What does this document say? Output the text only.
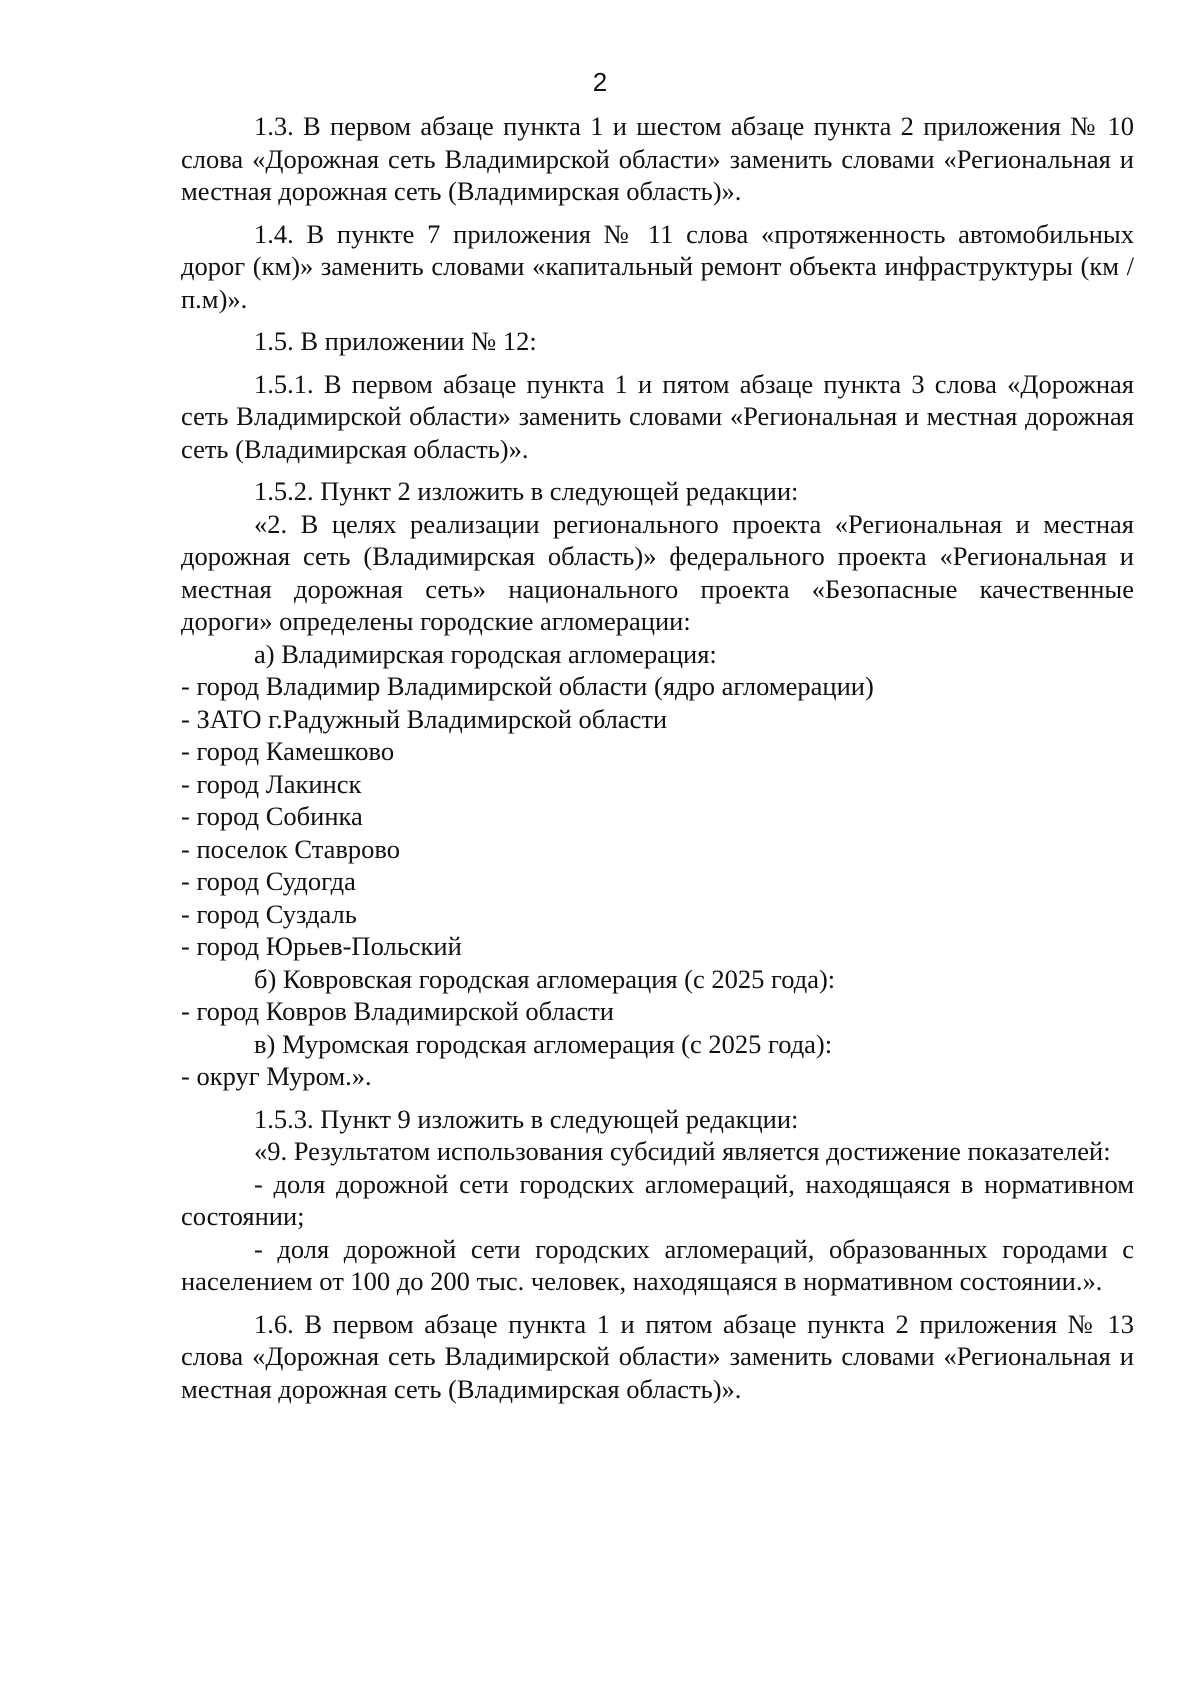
2

1.3. В первом абзаце пункта 1 и шестом абзаце пункта 2 приложения № 10 слова «Дорожная сеть Владимирской области» заменить словами «Региональная и местная дорожная сеть (Владимирская область)».

1.4. В пункте 7 приложения № 11 слова «протяженность автомобильных дорог (км)» заменить словами «капитальный ремонт объекта инфраструктуры (км / п.м)».

1.5. В приложении № 12:

1.5.1. В первом абзаце пункта 1 и пятом абзаце пункта 3 слова «Дорожная сеть Владимирской области» заменить словами «Региональная и местная дорожная сеть (Владимирская область)».

1.5.2. Пункт 2 изложить в следующей редакции:

«2. В целях реализации регионального проекта «Региональная и местная дорожная сеть (Владимирская область)» федерального проекта «Региональная и местная дорожная сеть» национального проекта «Безопасные качественные дороги» определены городские агломерации:

а) Владимирская городская агломерация:

- город Владимир Владимирской области (ядро агломерации)
- ЗАТО г.Радужный Владимирской области
- город Камешково
- город Лакинск
- город Собинка
- поселок Ставрово
- город Судогда
- город Суздаль
- город Юрьев-Польский

б) Ковровская городская агломерация (с 2025 года):

- город Ковров Владимирской области

в) Муромская городская агломерация (с 2025 года):

- округ Муром.».

1.5.3. Пункт 9 изложить в следующей редакции:

«9. Результатом использования субсидий является достижение показателей:

- доля дорожной сети городских агломераций, находящаяся в нормативном состоянии;

- доля дорожной сети городских агломераций, образованных городами с населением от 100 до 200 тыс. человек, находящаяся в нормативном состоянии.».

1.6. В первом абзаце пункта 1 и пятом абзаце пункта 2 приложения № 13 слова «Дорожная сеть Владимирской области» заменить словами «Региональная и местная дорожная сеть (Владимирская область)».
